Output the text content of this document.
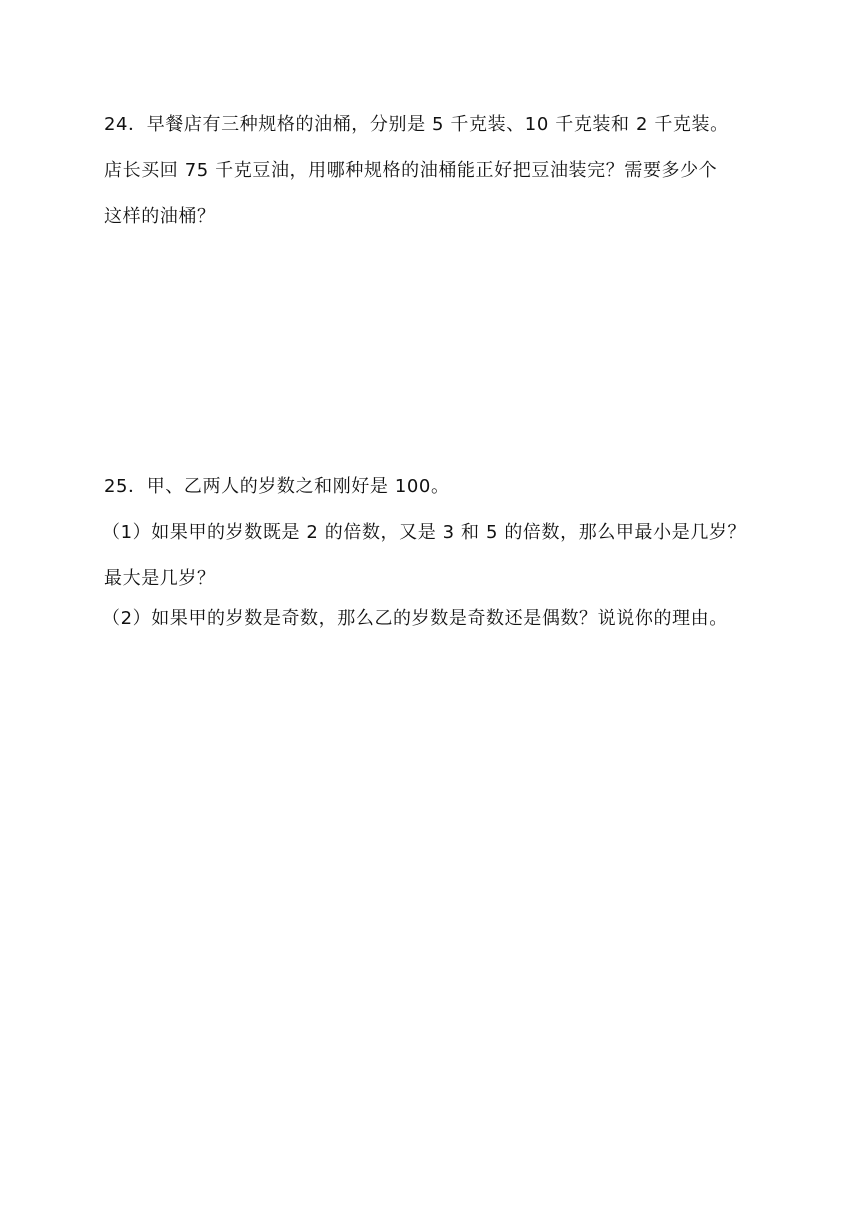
24．早餐店有三种规格的油桶，分别是 5 千克装、10 千克装和 2 千克装。
店长买回 75 千克豆油，用哪种规格的油桶能正好把豆油装完？需要多少个
这样的油桶？
25．甲、乙两人的岁数之和刚好是 100。
（1）如果甲的岁数既是 2 的倍数，又是 3 和 5 的倍数，那么甲最小是几岁？
最大是几岁？
（2）如果甲的岁数是奇数，那么乙的岁数是奇数还是偶数？说说你的理由。
